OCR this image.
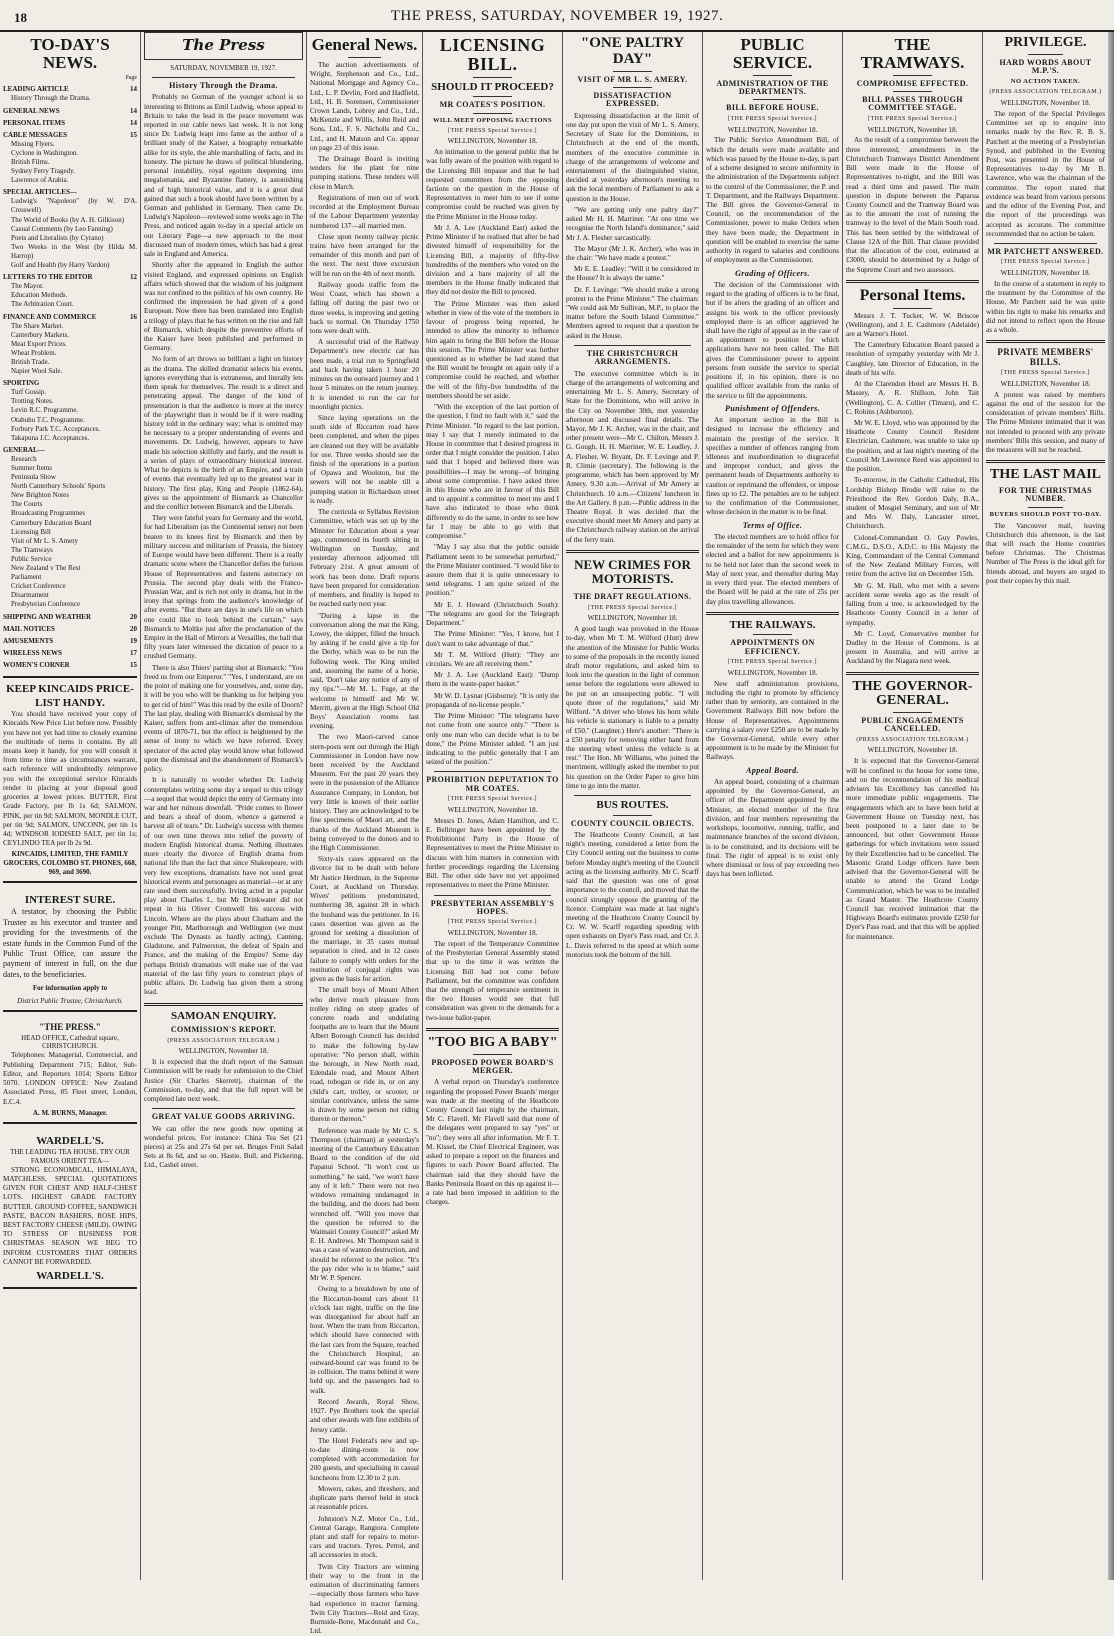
18	THE PRESS, SATURDAY, NOVEMBER 19, 1927.
TO-DAY'S NEWS.
Page
LEADING ARTICLE	14
History Through the Drama.
GENERAL NEWS	14
PERSONAL ITEMS	14
CABLE MESSAGES	15
Missing Flyers.
Cyclone in Washington.
British Films.
Sydney Ferry Tragedy.
Lawrence of Arabia.
SPECIAL ARTICLES—
Ludwig's "Napoleon" (by W. D'A. Cresswell)
The World of Books (by A. H. Gilkison)
Casual Comments (by Leo Fanning)
Poets and Literalists (by Cyrano)
Two Weeks in the West (by Hilda M. Harrop)
Golf and Health (by Harry Vardon)
LETTERS TO THE EDITOR	12
The Mayor.
Education Methods.
The Arbitration Court.
FINANCE AND COMMERCE	16
The Share Market.
Canterbury Markets.
Meat Export Prices.
Wheat Problem.
British Trade.
Napier Wool Sale.
SPORTING
Turf Gossip.
Trotting Notes.
Levin R.C. Programme.
Otahuhu T.C. Programme.
Forbury Park T.C. Acceptances.
Takapuna J.C. Acceptances.
GENERAL—
Research
Summer Items
Peninsula Show
North Canterbury Schools' Sports
New Brighton Notes
The Courts
Broadcasting Programmes
Canterbury Education Board
Licensing Bill
Visit of Mr L. S. Amery
The Tramways
Public Service
New Zealand v The Rest
Parliament
Cricket Conference
Disarmament
Presbyterian Conference
SHIPPING AND WEATHER	20
MAIL NOTICES	20
AMUSEMENTS	19
WIRELESS NEWS	17
WOMEN'S CORNER	15
KEEP KINCAIDS PRICE-LIST HANDY.

You should have received your copy of Kincaids New Price List before now. Possibly you have not yet had time to closely examine the multitude of items it contains. By all means keep it handy, for you will consult it from time to time as circumstances warrant, each reference will undoubtedly reimprove you with the exceptional service Kincaids render in placing at your disposal good groceries at lowest prices. BUTTER, First Grade Factory, per lb 1s 6d; SALMON, PINK, per tin 9d; SALMON, MONDLE CUT, per tin 9d; SALMON, UNCONN, per tin 1s 4d; WINDSOR IODISED SALT, per tin 1s; CEYLINDO TEA per lb 2s 9d.

KINCAIDS, LIMITED, THE FAMILY GROCERS, COLOMBO ST. PHONES, 668, 969, and 3690.
INTEREST SURE.

A testator, by choosing the Public Trustee as his executor and trustee and providing for the investments of the estate funds in the Common Fund of the Public Trust Office, can assure the payment of interest in full, on the due dates, to the beneficiaries.

For information apply to
District Public Trustee, Christchurch.
"THE PRESS."
HEAD OFFICE, Cathedral square, CHRISTCHURCH.

Telephones: Managerial, Commercial, and Publishing Department 715; Editor, Sub-Editor, and Reporters 1014; Sports Editor 5070. LONDON OFFICE: New Zealand Associated Press, 85 Fleet street, London, E.C.4.

A. M. BURNS, Manager.
WARDELL'S.
THE LEADING TEA HOUSE. TRY OUR FAMOUS ORIENT TEA—

STRONG ECONOMICAL, HIMALAYA, MATCHLESS, SPECIAL QUOTATIONS GIVEN FOR CHEST AND HALF-CHEST LOTS. HIGHEST GRADE FACTORY BUTTER. GROUND COFFEE, SANDWICH PASTE, BACON RASHERS, ROSE HIPS, BEST FACTORY CHEESE (MILD). OWING TO STRESS OF BUSINESS FOR CHRISTMAS SEASON WE BEG TO INFORM CUSTOMERS THAT ORDERS CANNOT BE FORWARDED.

WARDELL'S.
The Press
SATURDAY, NOVEMBER 19, 1927.
History Through the Drama.

Probably no German of the younger school is so interesting to Britons as Emil Ludwig, whose appeal to Britain to take the lead in the peace movement was reported in our cable news last week. It is not long since Dr. Ludwig leapt into fame as the author of a brilliant study of the Kaiser, a biography remarkable alike for its style, the able marshalling of facts, and its honesty. The picture he draws of political blundering, personal instability, royal egotism deepening into megalomania, and Byzantine flattery, is astonishing and of high historical value, and it is a great deal gained that such a book should have been written by a German and published in Germany. Then came Dr. Ludwig's Napoleon—reviewed some weeks ago in The Press, and noticed again to-day in a special article on our Literary Page—a new approach to the most discussed man of modern times, which has had a great sale in England and America.

Shortly after the appeared in English the author visited England, and expressed opinions on English affairs which showed that the wisdom of his judgment was not confined to the politics of his own country. He confirmed the impression he had given of a good European. Now there has been translated into English a trilogy of plays that he has written on the rise and fall of Bismarck, which despite the preventive efforts of the Kaiser have been published and performed in Germany.

No form of art throws so brilliant a light on history as the drama. The skilled dramatist selects his events, ignores everything that is extraneous, and literally lets them speak for themselves. The result is a direct and penetrating appeal. The danger of the kind of presentation is that the audience is more at the mercy of the playwright than it would be if it were reading history told in the ordinary way; what is omitted may be necessary to a proper understanding of events and movements. Dr. Ludwig, however, appears to have made his selection skilfully and fairly, and the result is a series of plays of extraordinary historical interest. What he depicts is the birth of an Empire, and a train of events that eventually led up to the greatest war in history. The first play, King and People (1862-64), gives us the appointment of Bismarck as Chancellor and the conflict between Bismarck and the Liberals.

They were fateful years for Germany and the world, for had Liberalism (as the Continental sense) not been beaten to its knees first by Bismarck and then by military success and militarism of Prussia, the history of Europe would have been different. There is a really dramatic scene where the Chancellor defies the furious House of Representatives and fastens autocracy on Prussia. The second play deals with the Franco-Prussian War, and is rich not only in drama, but in the irony that springs from the audience's knowledge of after events. "But there are days in one's life on which one could like to look behind the curtain," says Bismarck to Moltke just after the proclamation of the Empire in the Hall of Mirrors at Versailles, the ball that fifty years later witnessed the dictation of peace to a crushed Germany.

There is also Thiers' parting shot at Bismarck: "You freed us from our Emperor." "Yes, I understand, are on the point of making one for yourselves, and, some day, it will be you who will be thanking us for helping you to get rid of him!" Was this read by the exile of Doorn? The last play, dealing with Bismarck's dismissal by the Kaiser, suffers from anti-climax after the tremendous events of 1870-71, but the effect is heightened by the sense of irony to which we have referred. Every spectator of the acted play would know what followed upon the dismissal and the abandonment of Bismarck's policy.

It is naturally to wonder whether Dr. Ludwig contemplates writing some day a sequel to this trilogy—a sequel that would depict the entry of Germany into war and her ruinous downfall. "Pride comes to flower and bears a sheaf of doom, whence a garnered a harvest all of tears." Dr. Ludwig's success with themes of our own time throws into relief the poverty of modern English historical drama. Nothing illustrates more clearly the divorce of English drama from national life than the fact that since Shakespeare, with very few exceptions, dramatists have not used great historical events and personages as material—or at any rate used them successfully. Irving acted in a popular play about Charles I., but Mr Drinkwater did not repeat in his Oliver Cromwell his success with Lincoln. Where are the plays about Chatham and the younger Pitt, Marlborough and Wellington (we must exclude The Dynasts as hardly acting), Canning, Gladstone, and Palmerston, the defeat of Spain and France, and the making of the Empire? Some day perhaps British dramatists will make use of the vast material of the last fifty years to construct plays of public affairs. Dr. Ludwig has given them a strong lead.

SAMOAN ENQUIRY.
COMMISSION'S REPORT.
(PRESS ASSOCIATION TELEGRAM.)
WELLINGTON, November 18.

It is expected that the draft report of the Samoan Commission will be ready for submission to the Chief Justice (Sir Charles Skerrett), chairman of the Commission, to-day, and that the full report will be completed late next week.

GREAT VALUE GOODS ARRIVING.

We can offer the new goods now opening at wonderful prices. For instance: China Tea Set (21 pieces) at 25s and 27s 6d per set. Bruges Fruit Salad Sets at 8s 6d, and so on. Hastie, Bull, and Pickering, Ltd., Cashel street.

General News.

The auction advertisements of Wright, Stephenson and Co., Ltd., National Mortgage and Agency Co., Ltd., L. P. Devlin, Ford and Hadfield, Ltd., H. B. Sorensen, Commissioner Crown Lands, Lobrey and Co., Ltd., McKenzie and Willis, John Reid and Sons, Ltd., F. S. Nicholls and Co., Ltd., and H. Matson and Co. appear on page 23 of this issue.

The Drainage Board is inviting tenders for the plant for nine pumping stations. These tenders will close in March.

Registrations of men out of work recorded at the Employment Bureau of the Labour Department yesterday numbered 137—all married men.

Close upon twenty railway picnic trains have been arranged for the remainder of this month and part of the next. The next three excursion will be run on the 4th of next month.

Railway goods traffic from the West Coast, which has shown a falling off during the past two or three weeks, is improving and getting back to normal. On Thursday 1750 tons were dealt with.

A successful trial of the Railway Department's new electric car has been made, a trial run to Springfield and back having taken 1 hour 20 minutes on the outward journey and 1 hour 5 minutes on the return journey. It is intended to run the car for moonlight picnics.

Since laying operations on the south side of Riccarton road have been completed, and when the pipes are cleaned out they will be available for use. Three weeks should see the finish of the operations in a portion of Opawa and Woolston, but the sewers will not be usable till a pumping station in Richardson street is ready.

The curricula or Syllabus Revision Committee, which was set up by the Minister for Education about a year ago, commenced its fourth sitting in Wellington on Tuesday, and yesterday afternoon adjourned till February 21st. A great amount of work has been done. Draft reports have been prepared for consideration of members, and finality is hoped to be reached early next year.

"During a lapse in the conversation along the mat the King, Lowey, the skipper, filled the breach by asking if he could give a tip for the Derby, which was to be run the following week. The King smiled and, assuming the name of a horse, said, 'Don't take any notice of any of my tips.'"—Mr M. L. Fuge, at the welcome to himself and Mr W. Merritt, given at the High School Old Boys' Association rooms last evening.

The two Maori-carved canoe stern-posts sent out through the High Commissioner in London have now been received by the Auckland Museum. For the past 20 years they were in the possession of the Alliance Assurance Company, in London, but very little is known of their earlier history. They are acknowledged to be fine specimens of Maori art, and the thanks of the Auckland Museum is being conveyed to the donors and to the High Commissioner.

Sixty-six cases appeared on the divorce list to be dealt with before Mr Justice Herdman, in the Supreme Court, at Auckland on Thursday. Wives' petitions predominated, numbering 38, against 28 in which the husband was the petitioner. In 16 cases desertion was given as the ground for seeking a dissolution of the marriage, in 35 cases mutual separation is cited, and in 12 cases failure to comply with orders for the restitution of conjugal rights was given as the basis for action.

The small boys of Mount Albert who derive much pleasure from trolley riding on steep grades of concrete roads and undulating footpaths are to learn that the Mount Albert Borough Council has decided to make the following by-law operative: "No person shall, within the borough, in New North road, Edendale road, and Mount Albert road, tobogan or ride in, or on any child's cart, trolley, or scooter, or similar contrivance, unless the same is drawn by some person not riding therein or thereon."

Reference was made by Mr C. S. Thompson (chairman) at yesterday's meeting of the Canterbury Education Board to the condition of the old Papanui School. "It won't cost us something," he said, "we won't have any of it left." There were not two windows remaining undamaged in the building, and the doors had been wrenched off. "Will you move that the question be referred to the Waimairi County Council?" asked Mr E. H. Andrews. Mr Thompson said it was a case of wanton destruction, and should be referred to the police. "It's the pay rider who is to blame," said Mr W. P. Spencer.

Owing to a breakdown by one of the Riccarton-bound cars about 11 o'clock last night, traffic on the line was disorganised for about half an hour. When the tram from Riccarton, which should have connected with the last cars from the Square, reached the Christchurch Hospital, an outward-bound car was found to be in collision. The trams behind it were held up, and the passengers had to walk.

Record Awards, Royal Show, 1927. Pye Brothers took the special and other awards with fine exhibits of Jersey cattle.

The Hotel Federal's new and up-to-date dining-room is now completed with accommodation for 200 guests, and specialising in casual luncheons from 12.30 to 2 p.m.

Mowers, rakes, and threshers, and duplicate parts thereof held in stock at reasonable prices.

Johnston's N.Z. Motor Co., Ltd., Central Garage, Rangiora. Complete plant and staff for repairs to motor-cars and tractors. Tyres, Petrol, and all accessories in stock.

Twin City Tractors are winning their way to the front in the estimation of discriminating farmers—especially those farmers who have had experience in tractor farming. Twin City Tractors—Reid and Gray, Burnside-Bone, Macdonald and Co., Ltd.

LICENSING BILL.
SHOULD IT PROCEED?
MR COATES'S POSITION.
WILL MEET OPPOSING FACTIONS
[THE PRESS Special Service.]
WELLINGTON, November 18.

An intimation to the general public that he was fully aware of the position with regard to the Licensing Bill impasse and that he had requested committees from the opposing factions on the question in the House of Representatives to meet him to see if some compromise could be reached was given by the Prime Minister in the House today.

Mr J. A. Lee (Auckland East) asked the Prime Minister if he realised that after he had divested himself of responsibility for the Licensing Bill, a majority of fifty-five hundredths of the members who voted on the division and a bare majority of all the members in the House finally indicated that they did not desire the Bill to proceed.

The Prime Minister was then asked whether in view of the vote of the members in favour of progress being reported, he intended to allow the minority to influence him again to bring the Bill before the House this session. The Prime Minister was further questioned as to whether he had stated that the Bill would be brought on again only if a compromise could be reached, and whether the will of the fifty-five hundredths of the members should be set aside.

"With the exception of the last portion of the question, I find no fault with it," said the Prime Minister. "In regard to the last portion, may I say that I merely intimated to the House in committee that I desired progress in order that I might consider the position. I also said that I hoped and believed there was possibilities—I may be wrong—of bringing about some compromise. I have asked three in this House who are in favour of this Bill and to appoint a committee to meet me and I have also indicated to those who think differently to do the same, in order to see how far I may be able to go with that compromise."

"May I say also that the public outside Parliament seem to be somewhat perturbed," the Prime Minister continued. "I would like to assure them that it is quite unnecessary to send telegrams. I am quite seized of the position."

Mr E. J. Howard (Christchurch South): "The telegrams are good for the Telegraph Department."

The Prime Minister: "Yes, I know, but I don't want to take advantage of that."

Mr T. M. Wilford (Hutt): "They are circulars. We are all receiving them."

Mr J. A. Lee (Auckland East): "Dump them in the waste-paper basket."

Mr W. D. Lysnar (Gisborne): "It is only the propaganda of no-license people."

The Prime Minister: "The telegrams have not come from one source only." "There is only one man who can decide what is to be done," the Prime Minister added. "I am just indicating to the public generally that I am seized of the position."

PROHIBITION DEPUTATION TO MR COATES.
[THE PRESS Special Service.]
WELLINGTON, November 18.

Messrs D. Jones, Adam Hamilton, and C. E. Bellringer have been appointed by the Prohibitionist Party in the House of Representatives to meet the Prime Minister to discuss with him matters in connexion with further proceedings regarding the Licensing Bill. The other side have not yet appointed representatives to meet the Prime Minister.

PRESBYTERIAN ASSEMBLY'S HOPES.
[THE PRESS Special Service.]
WELLINGTON, November 18.

The report of the Temperance Committee of the Presbyterian General Assembly stated that up to the time it was written the Licensing Bill had not come before Parliament, but the committee was confident that the strength of temperance sentiment in the two Houses would see that full consideration was given to the demands for a two-issue ballot-paper.

"TOO BIG A BABY"
PROPOSED POWER BOARD'S MERGER.

A verbal report on Thursday's conference regarding the proposed Power Boards' merger was made at the meeting of the Heathcote County Council last night by the chairman, Mr C. Flavell. Mr Flavell said that none of the delegates went prepared to say "yes" or "no"; they were all after information. Mr F. T. M. Kissel, the Chief Electrical Engineer, was asked to prepare a report on the finances and figures to each Power Board affected. The chairman said that they should have the Banks Peninsula Board on this up against it—a rate had been imposed in addition to the charges.

"ONE PALTRY DAY"
VISIT OF MR L. S. AMERY.
DISSATISFACTION EXPRESSED.

Expressing dissatisfaction at the limit of one day put upon the visit of Mr L. S. Amery, Secretary of State for the Dominions, to Christchurch at the end of the month, members of the executive committee in charge of the arrangements of welcome and entertainment of the distinguished visitor, decided at yesterday afternoon's meeting to ask the local members of Parliament to ask a question in the House.

"We are getting only one paltry day?" asked Mr H. H. Marriner. "At one time we recognise the North Island's dominance," said Mr J. A. Flesher sarcastically.

The Mayor (Mr J. K. Archer), who was in the chair: "We have made a protest."

Mr E. E. Leadley: "Will it be considered in the House? It is always the same."

Dr. F. Levinge: "We should make a strong protest to the Prime Minister." The chairman: "We could ask Mr Sullivan, M.P., to place the matter before the South Island Committee." Members agreed to request that a question be asked in the House.

THE CHRISTCHURCH ARRANGEMENTS.

The executive committee which is in charge of the arrangements of welcoming and entertaining Mr L. S. Amery, Secretary of State for the Dominions, who will arrive in the City on November 30th, met yesterday afternoon and discussed final details. The Mayor, Mr J. K. Archer, was in the chair, and other present were—Mr C. Chilton, Messrs J. G. Gough, H. H. Marriner, W. E. Leadley, J. A. Flesher, W. Bryant, Dr. F. Levinge and P. R. Climie (secretary). The following is the programme, which has been approved by Mr Amery. 9.30 a.m.—Arrival of Mr Amery at Christchurch. 10 a.m.—Citizens' luncheon in the Art Gallery. 8 p.m.—Public address in the Theatre Royal. It was decided that the executive should meet Mr Amery and party at the Christchurch railway station on the arrival of the ferry train.

NEW CRIMES FOR MOTORISTS.
THE DRAFT REGULATIONS.
[THE PRESS Special Service.]
WELLINGTON, November 18.

A good laugh was provoked in the House to-day, when Mr T. M. Wilford (Hutt) drew the attention of the Minister for Public Works to some of the proposals in the recently issued draft motor regulations, and asked him to look into the question in the light of common sense before the regulations were allowed to be put on an unsuspecting public. "I will quote three of the regulations," said Mr Wilford. "A driver who blows his horn while his vehicle is stationary is liable to a penalty of £50." (Laughter.) Here's another: "There is a £50 penalty for removing either hand from the steering wheel unless the vehicle is at rest." The Hon. Mr Williams, who joined the merriment, willingly asked the member to put his question on the Order Paper to give him time to go into the matter.

BUS ROUTES.
COUNTY COUNCIL OBJECTS.

The Heathcote County Council, at last night's meeting, considered a letter from the City Council setting out the business to come before Monday night's meeting of the Council acting as the licensing authority. Mr C. Scarff said that the question was one of great importance to the council, and moved that the council strongly oppose the granting of the licence. Complaint was made at last night's meeting of the Heathcote County Council by Cr. W. W. Scarff regarding speeding with open exhausts on Dyer's Pass road, and Cr. J. L. Davis referred to the speed at which some motorists took the bottom of the hill.

PUBLIC SERVICE.
ADMINISTRATION OF THE DEPARTMENTS.
BILL BEFORE HOUSE.
[THE PRESS Special Service.]
WELLINGTON, November 18.

The Public Service Amendment Bill, of which the details were made available and which was passed by the House to-day, is part of a scheme designed to secure uniformity in the administration of the Departments subject to the control of the Commissioner, the P. and T. Department, and the Railways Department. The Bill gives the Governor-General in Council, on the recommendation of the Commissioner, power to make Orders when they have been made, the Department in question will be enabled to exercise the same authority in regard to salaries and conditions of employment as the Commissioner.

Grading of Officers.

The decision of the Commissioner with regard to the grading of officers is to be final, but if he alters the grading of an officer and assigns his work to the officer previously employed there is an officer aggrieved he shall have the right of appeal as in the case of an appointment to position for which applications have not been called. The Bill gives the Commissioner power to appoint persons from outside the service to special positions if, in his opinion, there is no qualified officer available from the ranks of the service to fill the appointments.

Punishment of Offenders.

An important section in the Bill is designed to increase the efficiency and maintain the prestige of the service. It specifies a number of offences ranging from idleness and insubordination to disgraceful and improper conduct, and gives the permanent heads of Departments authority to caution or reprimand the offenders, or impose fines up to £2. The penalties are to be subject to the confirmation of the Commissioner, whose decision in the matter is to be final.

Terms of Office.

The elected members are to hold office for the remainder of the term for which they were elected and a ballot for new appointments is to be held not later than the second week in May of next year, and thereafter during May in every third year. The elected members of the Board will be paid at the rate of 25s per day plus travelling allowances.

THE RAILWAYS.
APPOINTMENTS ON EFFICIENCY.
[THE PRESS Special Service.]
WELLINGTON, November 18.

New staff administration provisions, including the right to promote by efficiency rather than by seniority, are contained in the Government Railways Bill now before the House of Representatives. Appointments carrying a salary over £250 are to be made by the Governor-General, while every other appointment is to be made by the Minister for Railways.

Appeal Board.

An appeal board, consisting of a chairman appointed by the Governor-General, an officer of the Department appointed by the Minister, an elected member of the first division, and four members representing the workshops, locomotive, running, traffic, and maintenance branches of the second division, is to be constituted, and its decisions will be final. The right of appeal is to exist only where dismissal or loss of pay exceeding two days has been inflicted.

THE TRAMWAYS.
COMPROMISE EFFECTED.
BILL PASSES THROUGH COMMITTEE STAGE.
[THE PRESS Special Service.]
WELLINGTON, November 18.

As the result of a compromise between the three interested, amendments in the Christchurch Tramways District Amendment Bill were made in the House of Representatives to-night, and the Bill was read a third time and passed. The main question in dispute between the Paparua County Council and the Tramway Board was as to the amount the cost of running the tramway to the level of the Main South road. This has been settled by the withdrawal of Clause 12A of the Bill. That clause provided that the allocation of the cost, estimated at £3000, should be determined by a Judge of the Supreme Court and two assessors.

Personal Items.

Messrs J. T. Tucker, W. W. Briscoe (Wellington), and J. E. Cashmore (Adelaide) are at Warner's Hotel.

The Canterbury Education Board passed a resolution of sympathy yesterday with Mr J. Caughley, late Director of Education, in the death of his wife.

At the Clarendon Hotel are Messrs H. B. Massey, A. R. Shillson, John Tait (Wellington), C. A. Collier (Timaru), and C. C. Robins (Ashburton).

Mr W. E. Lloyd, who was appointed by the Heathcote County Council Resident Electrician, Cashmere, was unable to take up the position, and at last night's meeting of the Council Mr Lawrence Reed was appointed to the position.

To-morrow, in the Catholic Cathedral, His Lordship Bishop Brodie will raise to the Priesthood the Rev. Gordon Daly, B.A., student of Mosgiel Seminary, and son of Mr and Mrs W. Daly, Lancaster street, Christchurch.

Colonel-Commandant O. Guy Powles, C.M.G., D.S.O., A.D.C. to His Majesty the King, Commandant of the Central Command of the New Zealand Military Forces, will retire from the active list on December 15th.

Mr G. M. Hall, who met with a severe accident some weeks ago as the result of falling from a tree, is acknowledged by the Heathcote County Council in a letter of sympathy.

Mr C. Loyd, Conservative member for Dudley in the House of Commons, is at present in Australia, and will arrive at Auckland by the Niagara next week.

THE GOVERNOR-GENERAL.
PUBLIC ENGAGEMENTS CANCELLED.
(PRESS ASSOCIATION TELEGRAM.)
WELLINGTON, November 18.

It is expected that the Governor-General will be confined to the house for some time, and on the recommendation of his medical advisers his Excellency has cancelled his more immediate public engagements. The engagements which are to have been held at Government House on Tuesday next, has been postponed to a later date to be announced, but other Government House gatherings for which invitations were issued by their Excellencies had to be cancelled. The Masonic Grand Lodge officers have been advised that the Governor-General will be unable to attend the Grand Lodge Communication, which he was to be installed as Grand Master. The Heathcote County Council has received intimation that the Highways Board's estimates provide £250 for Dyer's Pass road, and that this will be applied for maintenance.

PRIVILEGE.
HARD WORDS ABOUT M.P.'S.
NO ACTION TAKEN.
(PRESS ASSOCIATION TELEGRAM.)
WELLINGTON, November 18.

The report of the Special Privileges Committee set up to enquire into remarks made by the Rev. R. B. S. Patchett at the meeting of a Presbyterian Synod, and published in the Evening Post, was presented in the House of Representatives to-day by Mr B. Lawrence, who was the chairman of the committee. The report stated that evidence was heard from various persons and the editor of the Evening Post, and the report of the proceedings was accepted as accurate. The committee recommended that no action be taken.

MR PATCHETT ANSWERED.
[THE PRESS Special Service.]
WELLINGTON, November 18.

In the course of a statement in reply to the treatment by the Committee of the House, Mr Patchett said he was quite within his right to make his remarks and did not intend to reflect upon the House as a whole.

PRIVATE MEMBERS' BILLS.
[THE PRESS Special Service.]
WELLINGTON, November 18.

A protest was raised by members against the end of the session for the consideration of private members' Bills. The Prime Minister intimated that it was not intended to proceed with any private members' Bills this session, and many of the measures will not be reached.

THE LAST MAIL
FOR THE CHRISTMAS NUMBER.
BUYERS SHOULD POST TO-DAY.

The Vancouver mail, leaving Christchurch this afternoon, is the last that will reach the Home countries before Christmas. The Christmas Number of The Press is the ideal gift for friends abroad, and buyers are urged to post their copies by this mail.
